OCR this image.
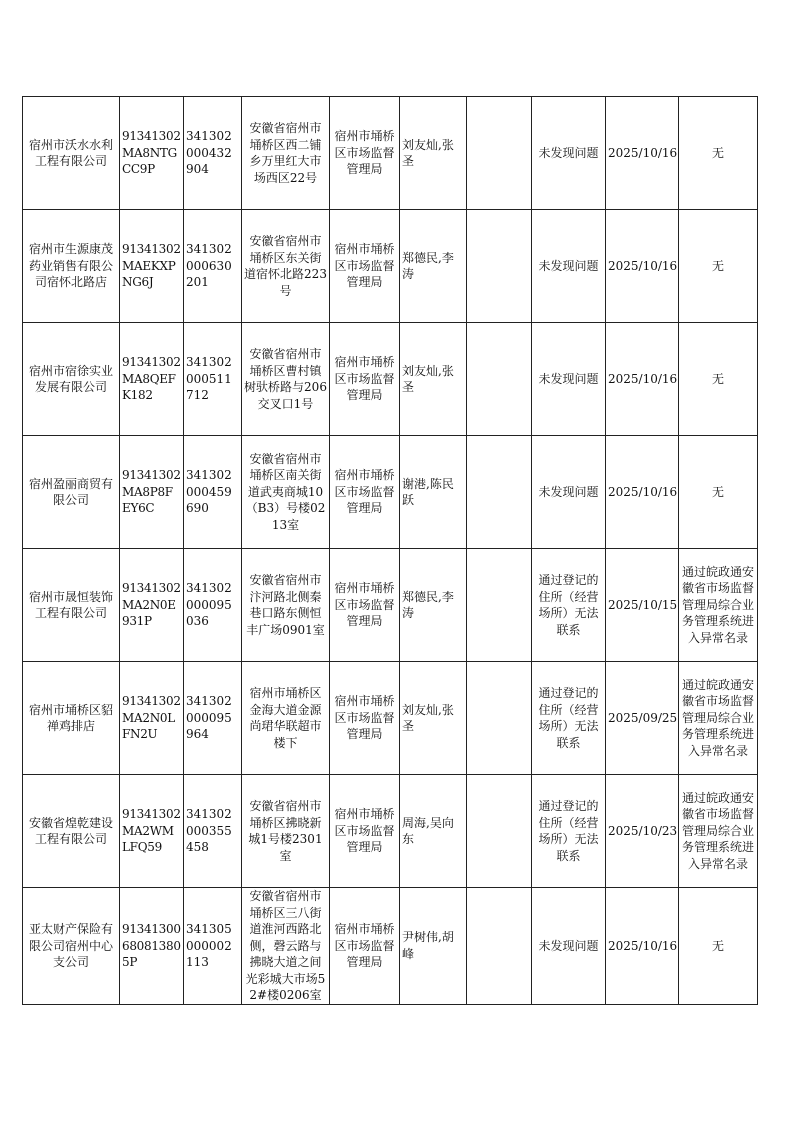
宿州市沃水水利工程有限公司	91341302MA8NTGCC9P	341302000432904	安徽省宿州市埇桥区西二铺乡万里红大市场西区22号	宿州市埇桥区市场监督管理局	刘友灿,张圣		未发现问题	2025/10/16	无
宿州市生源康茂药业销售有限公司宿怀北路店	91341302MAEKXPNG6J	341302000630201	安徽省宿州市埇桥区东关街道宿怀北路223号	宿州市埇桥区市场监督管理局	郑德民,李涛		未发现问题	2025/10/16	无
宿州市宿徐实业发展有限公司	91341302MA8QEFK182	341302000511712	安徽省宿州市埇桥区曹村镇树驮桥路与206交叉口1号	宿州市埇桥区市场监督管理局	刘友灿,张圣		未发现问题	2025/10/16	无
宿州盈丽商贸有限公司	91341302MA8P8FEY6C	341302000459690	安徽省宿州市埇桥区南关街道武夷商城10（B3）号楼0213室	宿州市埇桥区市场监督管理局	谢港,陈民跃		未发现问题	2025/10/16	无
宿州市晟恒装饰工程有限公司	91341302MA2N0E931P	341302000095036	安徽省宿州市汴河路北侧秦巷口路东侧恒丰广场0901室	宿州市埇桥区市场监督管理局	郑德民,李涛		通过登记的住所（经营场所）无法联系	2025/10/15	通过皖政通安徽省市场监督管理局综合业务管理系统进入异常名录
宿州市埇桥区貂禅鸡排店	91341302MA2N0LFN2U	341302000095964	宿州市埇桥区金海大道金源尚珺华联超市楼下	宿州市埇桥区市场监督管理局	刘友灿,张圣		通过登记的住所（经营场所）无法联系	2025/09/25	通过皖政通安徽省市场监督管理局综合业务管理系统进入异常名录
安徽省煌乾建设工程有限公司	91341302MA2WMLFQ59	341302000355458	安徽省宿州市埇桥区拂晓新城1号楼2301室	宿州市埇桥区市场监督管理局	周海,吴向东		通过登记的住所（经营场所）无法联系	2025/10/23	通过皖政通安徽省市场监督管理局综合业务管理系统进入异常名录
亚太财产保险有限公司宿州中心支公司	91341300680813805P	341305000002113	安徽省宿州市埇桥区三八街道淮河西路北侧，磬云路与拂晓大道之间光彩城大市场52#楼0206室	宿州市埇桥区市场监督管理局	尹树伟,胡峰		未发现问题	2025/10/16	无
